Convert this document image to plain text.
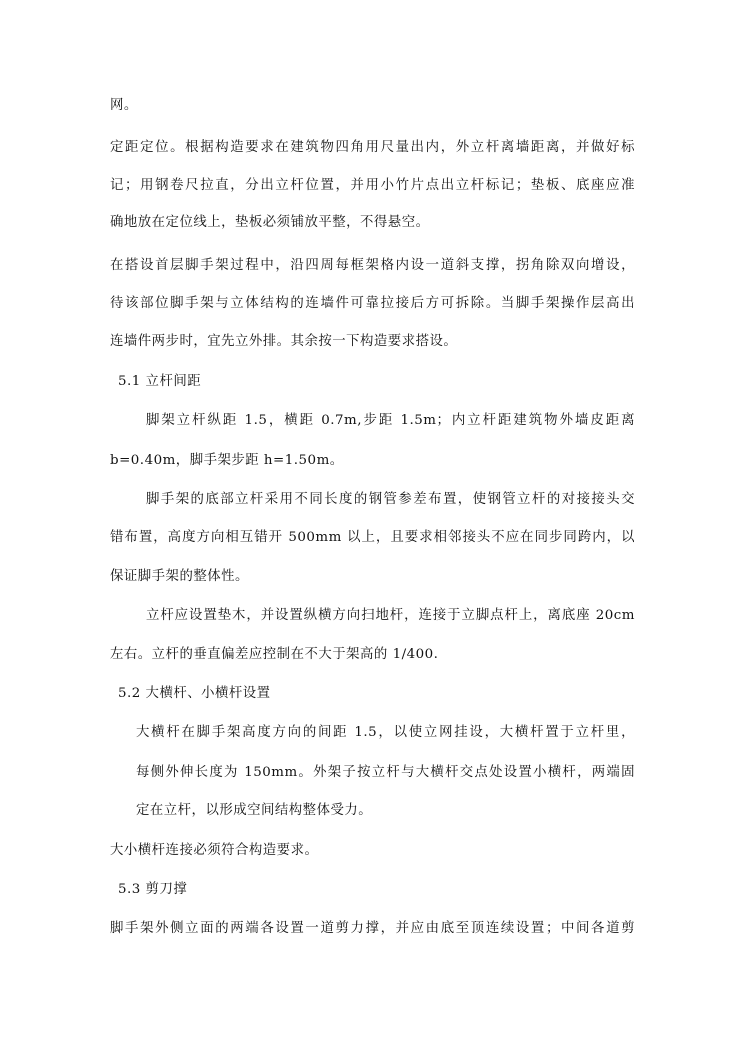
网。
定距定位。根据构造要求在建筑物四角用尺量出内，外立杆离墙距离，并做好标
记；用钢卷尺拉直，分出立杆位置，并用小竹片点出立杆标记；垫板、底座应准
确地放在定位线上，垫板必须铺放平整，不得悬空。
在搭设首层脚手架过程中，沿四周每框架格内设一道斜支撑，拐角除双向增设，
待该部位脚手架与立体结构的连墙件可靠拉接后方可拆除。当脚手架操作层高出
连墙件两步时，宜先立外排。其余按一下构造要求搭设。
5.1 立杆间距
脚架立杆纵距 1.5，横距 0.7m,步距 1.5m；内立杆距建筑物外墙皮距离
b=0.40m，脚手架步距 h=1.50m。
脚手架的底部立杆采用不同长度的钢管参差布置，使钢管立杆的对接接头交
错布置，高度方向相互错开 500mm 以上，且要求相邻接头不应在同步同跨内，以
保证脚手架的整体性。
立杆应设置垫木，并设置纵横方向扫地杆，连接于立脚点杆上，离底座 20cm
左右。立杆的垂直偏差应控制在不大于架高的 1/400.
5.2 大横杆、小横杆设置
大横杆在脚手架高度方向的间距 1.5，以使立网挂设，大横杆置于立杆里，
每侧外伸长度为 150mm。外架子按立杆与大横杆交点处设置小横杆，两端固
定在立杆，以形成空间结构整体受力。
大小横杆连接必须符合构造要求。
5.3 剪刀撑
脚手架外侧立面的两端各设置一道剪力撑，并应由底至顶连续设置；中间各道剪
